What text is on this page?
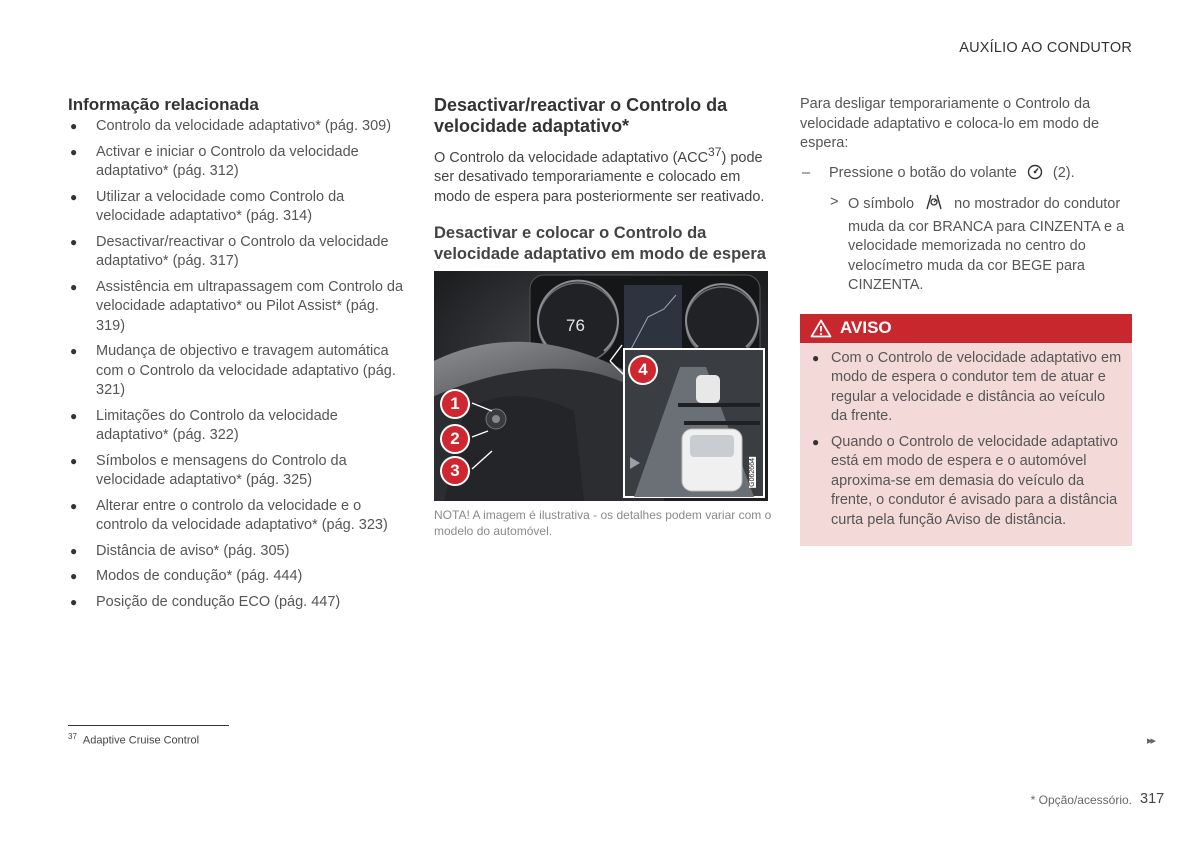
AUXÍLIO AO CONDUTOR
Informação relacionada
● Controlo da velocidade adaptativo* (pág. 309)
● Activar e iniciar o Controlo da velocidade adaptativo* (pág. 312)
● Utilizar a velocidade como Controlo da velocidade adaptativo* (pág. 314)
● Desactivar/reactivar o Controlo da velocidade adaptativo* (pág. 317)
● Assistência em ultrapassagem com Controlo da velocidade adaptativo* ou Pilot Assist* (pág. 319)
● Mudança de objectivo e travagem automática com o Controlo da velocidade adaptativo (pág. 321)
● Limitações do Controlo da velocidade adaptativo* (pág. 322)
● Símbolos e mensagens do Controlo da velocidade adaptativo* (pág. 325)
● Alterar entre o controlo da velocidade e o controlo da velocidade adaptativo* (pág. 323)
● Distância de aviso* (pág. 305)
● Modos de condução* (pág. 444)
● Posição de condução ECO (pág. 447)
Desactivar/reactivar o Controlo da velocidade adaptativo*

O Controlo da velocidade adaptativo (ACC$^{37}$) pode ser desativado temporariamente e colocado em modo de espera para posteriormente ser reativado.

Desactivar e colocar o Controlo da velocidade adaptativo em modo de espera
76
1
2
3
4
G062664
NOTA! A imagem é ilustrativa - os detalhes podem variar com o modelo do automóvel.

Para desligar temporariamente o Controlo da velocidade adaptativo e coloca-lo em modo de espera:

– Pressione o botão do volante (2).
> O símbolo	no mostrador do condutor muda da cor BRANCA para CINZENTA e a velocidade memorizada no centro do velocímetro muda da cor BEGE para CINZENTA.
AVISO
● Com o Controlo de velocidade adaptativo em modo de espera o condutor tem de atuar e regular a velocidade e distância ao veículo da frente.
● Quando o Controlo de velocidade adaptativo está em modo de espera e o automóvel aproxima-se em demasia do veículo da frente, o condutor é avisado para a distância curta pela função Aviso de distância.
$^{37}$ Adaptive Cruise Control	▸▸
* Opção/acessório. 317
